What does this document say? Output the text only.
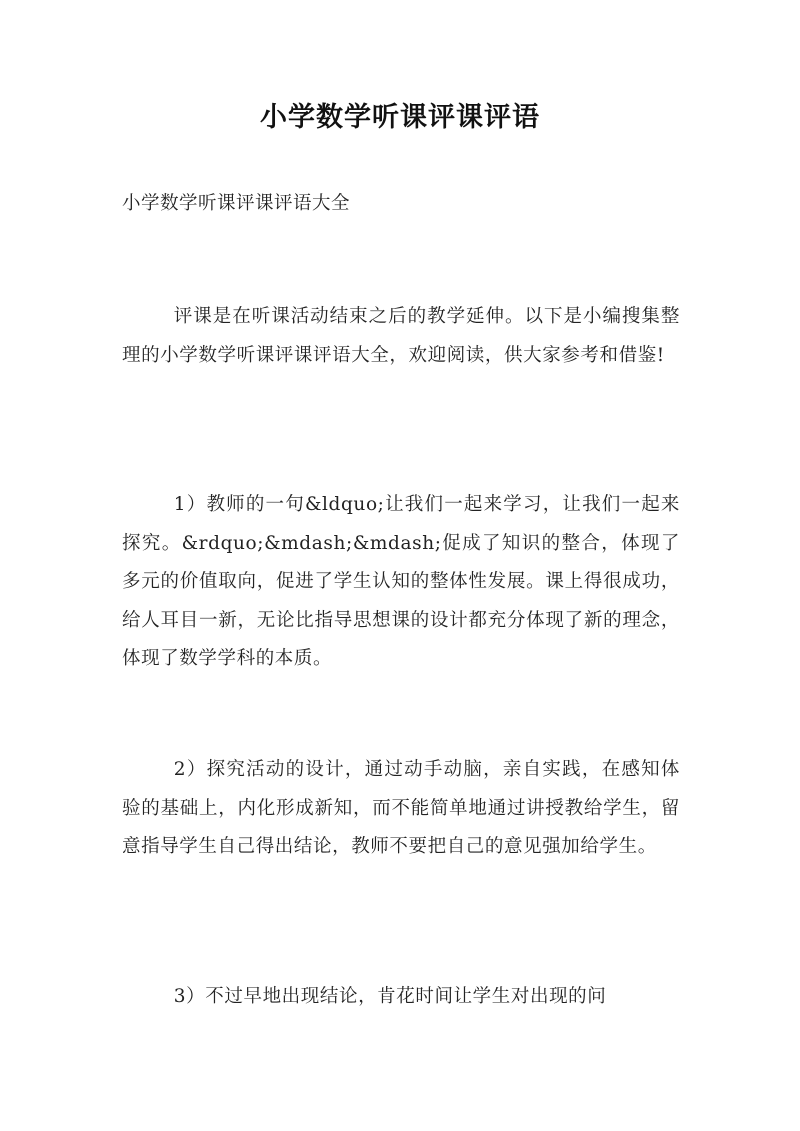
小学数学听课评课评语
小学数学听课评课评语大全
评课是在听课活动结束之后的教学延伸。以下是小编搜集整理的小学数学听课评课评语大全，欢迎阅读，供大家参考和借鉴!
1）教师的一句&ldquo;让我们一起来学习，让我们一起来探究。&rdquo;&mdash;&mdash;促成了知识的整合，体现了多元的价值取向，促进了学生认知的整体性发展。课上得很成功，给人耳目一新，无论比指导思想课的设计都充分体现了新的理念，体现了数学学科的本质。
2）探究活动的设计，通过动手动脑，亲自实践，在感知体验的基础上，内化形成新知，而不能简单地通过讲授教给学生，留意指导学生自己得出结论，教师不要把自己的意见强加给学生。
3）不过早地出现结论，肯花时间让学生对出现的问
